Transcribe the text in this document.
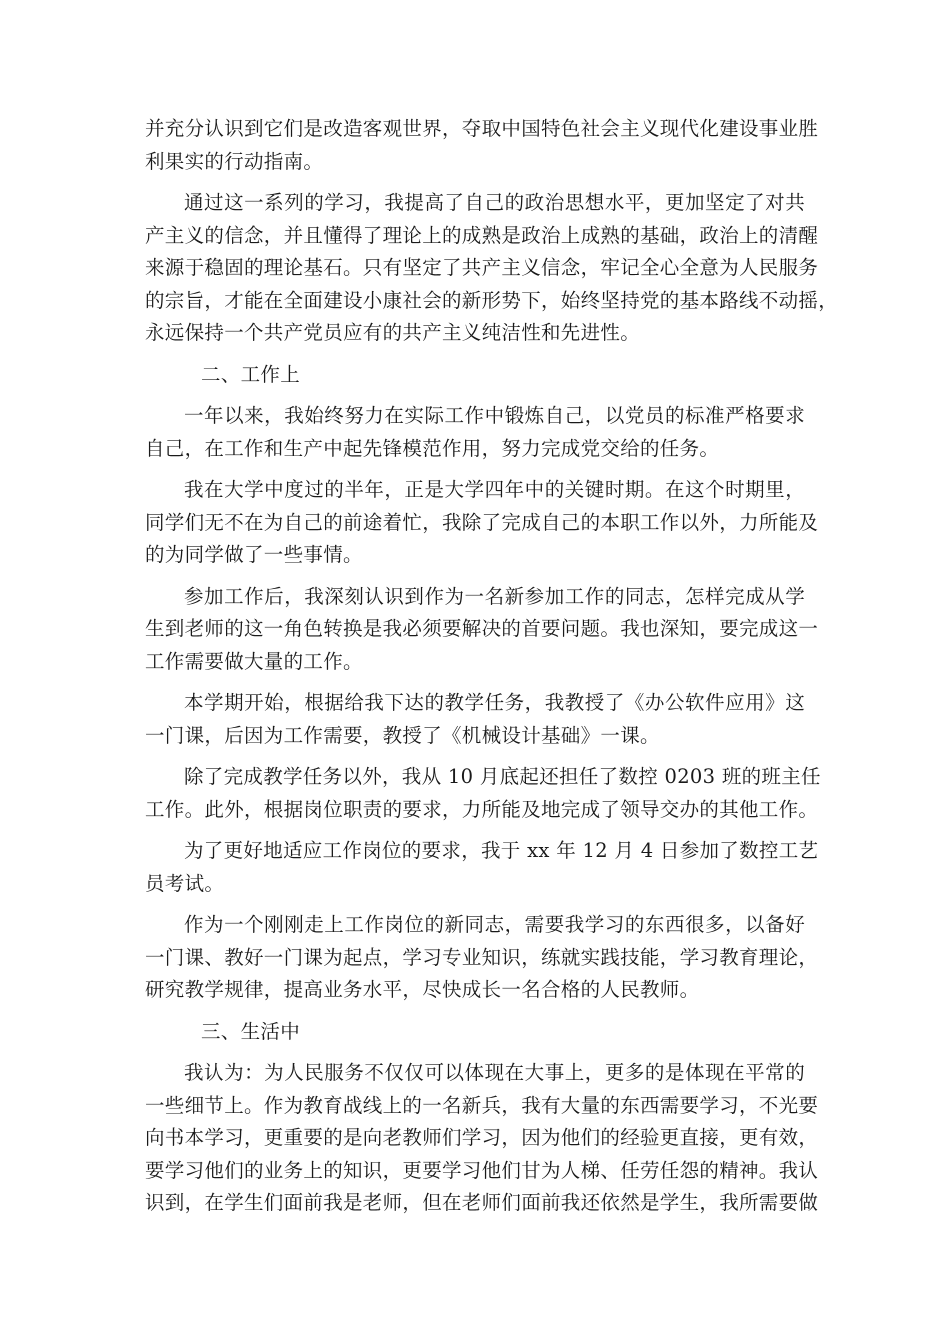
并充分认识到它们是改造客观世界，夺取中国特色社会主义现代化建设事业胜
利果实的行动指南。
通过这一系列的学习，我提高了自己的政治思想水平，更加坚定了对共
产主义的信念，并且懂得了理论上的成熟是政治上成熟的基础，政治上的清醒
来源于稳固的理论基石。只有坚定了共产主义信念，牢记全心全意为人民服务
的宗旨，才能在全面建设小康社会的新形势下，始终坚持党的基本路线不动摇，
永远保持一个共产党员应有的共产主义纯洁性和先进性。
二、工作上
一年以来，我始终努力在实际工作中锻炼自己，以党员的标准严格要求
自己，在工作和生产中起先锋模范作用，努力完成党交给的任务。
我在大学中度过的半年，正是大学四年中的关键时期。在这个时期里，
同学们无不在为自己的前途着忙，我除了完成自己的本职工作以外，力所能及
的为同学做了一些事情。
参加工作后，我深刻认识到作为一名新参加工作的同志，怎样完成从学
生到老师的这一角色转换是我必须要解决的首要问题。我也深知，要完成这一
工作需要做大量的工作。
本学期开始，根据给我下达的教学任务，我教授了《办公软件应用》这
一门课，后因为工作需要，教授了《机械设计基础》一课。
除了完成教学任务以外，我从 10 月底起还担任了数控 0203 班的班主任
工作。此外，根据岗位职责的要求，力所能及地完成了领导交办的其他工作。
为了更好地适应工作岗位的要求，我于 xx 年 12 月 4 日参加了数控工艺
员考试。
作为一个刚刚走上工作岗位的新同志，需要我学习的东西很多，以备好
一门课、教好一门课为起点，学习专业知识，练就实践技能，学习教育理论，
研究教学规律，提高业务水平，尽快成长一名合格的人民教师。
三、生活中
我认为：为人民服务不仅仅可以体现在大事上，更多的是体现在平常的
一些细节上。作为教育战线上的一名新兵，我有大量的东西需要学习，不光要
向书本学习，更重要的是向老教师们学习，因为他们的经验更直接，更有效，
要学习他们的业务上的知识，更要学习他们甘为人梯、任劳任怨的精神。我认
识到，在学生们面前我是老师，但在老师们面前我还依然是学生，我所需要做
